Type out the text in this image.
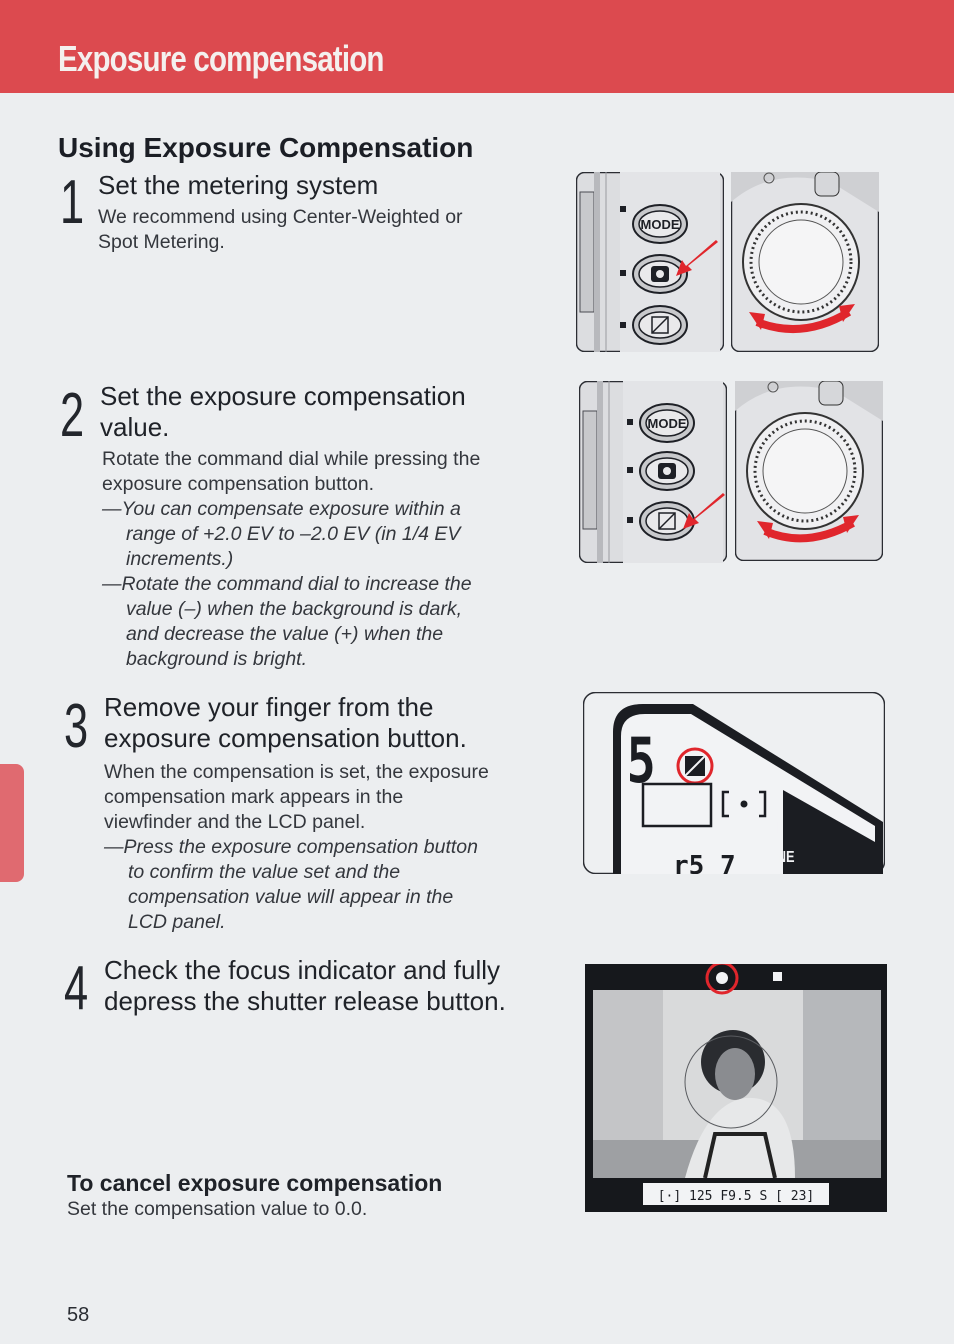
Exposure compensation
Using Exposure Compensation
1 Set the metering system
We recommend using Center-Weighted or
Spot Metering.
2 Set the exposure compensation
value.
Rotate the command dial while pressing the
exposure compensation button.
—You can compensate exposure within a
range of +2.0 EV to –2.0 EV (in 1/4 EV
increments.)
—Rotate the command dial to increase the
value (–) when the background is dark,
and decrease the value (+) when the
background is bright.
3 Remove your finger from the
exposure compensation button.
When the compensation is set, the exposure
compensation mark appears in the
viewfinder and the LCD panel.
—Press the exposure compensation button
to confirm the value set and the
compensation value will appear in the
LCD panel.
4 Check the focus indicator and fully
depress the shutter release button.
To cancel exposure compensation
Set the compensation value to 0.0.
58
MODE
MODE
5
HI
FINE
r5 7
[·] 125 F9.5 S [ 23]
